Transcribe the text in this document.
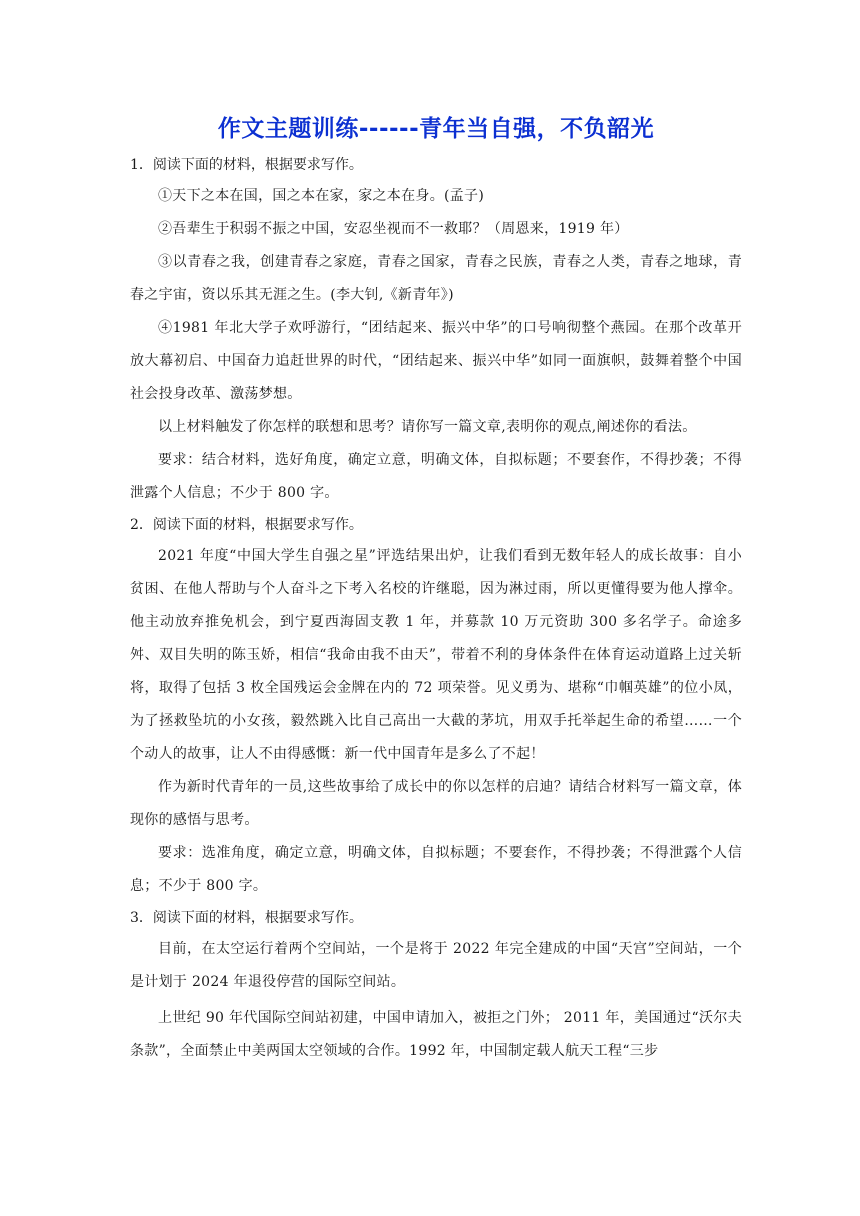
作文主题训练------青年当自强，不负韶光

1．阅读下面的材料，根据要求写作。

①天下之本在国，国之本在家，家之本在身。(孟子)

②吾辈生于积弱不振之中国，安忍坐视而不一救耶？（周恩来，1919 年）

③以青春之我，创建青春之家庭，青春之国家，青春之民族，青春之人类，青春之地球，青春之宇宙，资以乐其无涯之生。(李大钊,《新青年》)

④1981 年北大学子欢呼游行，“团结起来、振兴中华”的口号响彻整个燕园。在那个改革开放大幕初启、中国奋力追赶世界的时代，“团结起来、振兴中华”如同一面旗帜，鼓舞着整个中国社会投身改革、激荡梦想。

以上材料触发了你怎样的联想和思考？请你写一篇文章,表明你的观点,阐述你的看法。

要求：结合材料，选好角度，确定立意，明确文体，自拟标题；不要套作，不得抄袭；不得泄露个人信息；不少于 800 字。

2．阅读下面的材料，根据要求写作。

2021 年度“中国大学生自强之星”评选结果出炉，让我们看到无数年轻人的成长故事：自小贫困、在他人帮助与个人奋斗之下考入名校的许继聪，因为淋过雨，所以更懂得要为他人撑伞。他主动放弃推免机会，到宁夏西海固支教 1 年，并募款 10 万元资助 300 多名学子。命途多舛、双目失明的陈玉娇，相信“我命由我不由天”，带着不利的身体条件在体育运动道路上过关斩将，取得了包括 3 枚全国残运会金牌在内的 72 项荣誉。见义勇为、堪称“巾帼英雄”的位小凤，为了拯救坠坑的小女孩，毅然跳入比自己高出一大截的茅坑，用双手托举起生命的希望……一个个动人的故事，让人不由得感慨：新一代中国青年是多么了不起！

作为新时代青年的一员,这些故事给了成长中的你以怎样的启迪？请结合材料写一篇文章，体现你的感悟与思考。

要求：选准角度，确定立意，明确文体，自拟标题；不要套作，不得抄袭；不得泄露个人信息；不少于 800 字。

3．阅读下面的材料，根据要求写作。

目前，在太空运行着两个空间站，一个是将于 2022 年完全建成的中国“天宫”空间站，一个是计划于 2024 年退役停营的国际空间站。

上世纪 90 年代国际空间站初建，中国申请加入，被拒之门外； 2011 年，美国通过“沃尔夫条款”，全面禁止中美两国太空领域的合作。1992 年，中国制定载人航天工程“三步
